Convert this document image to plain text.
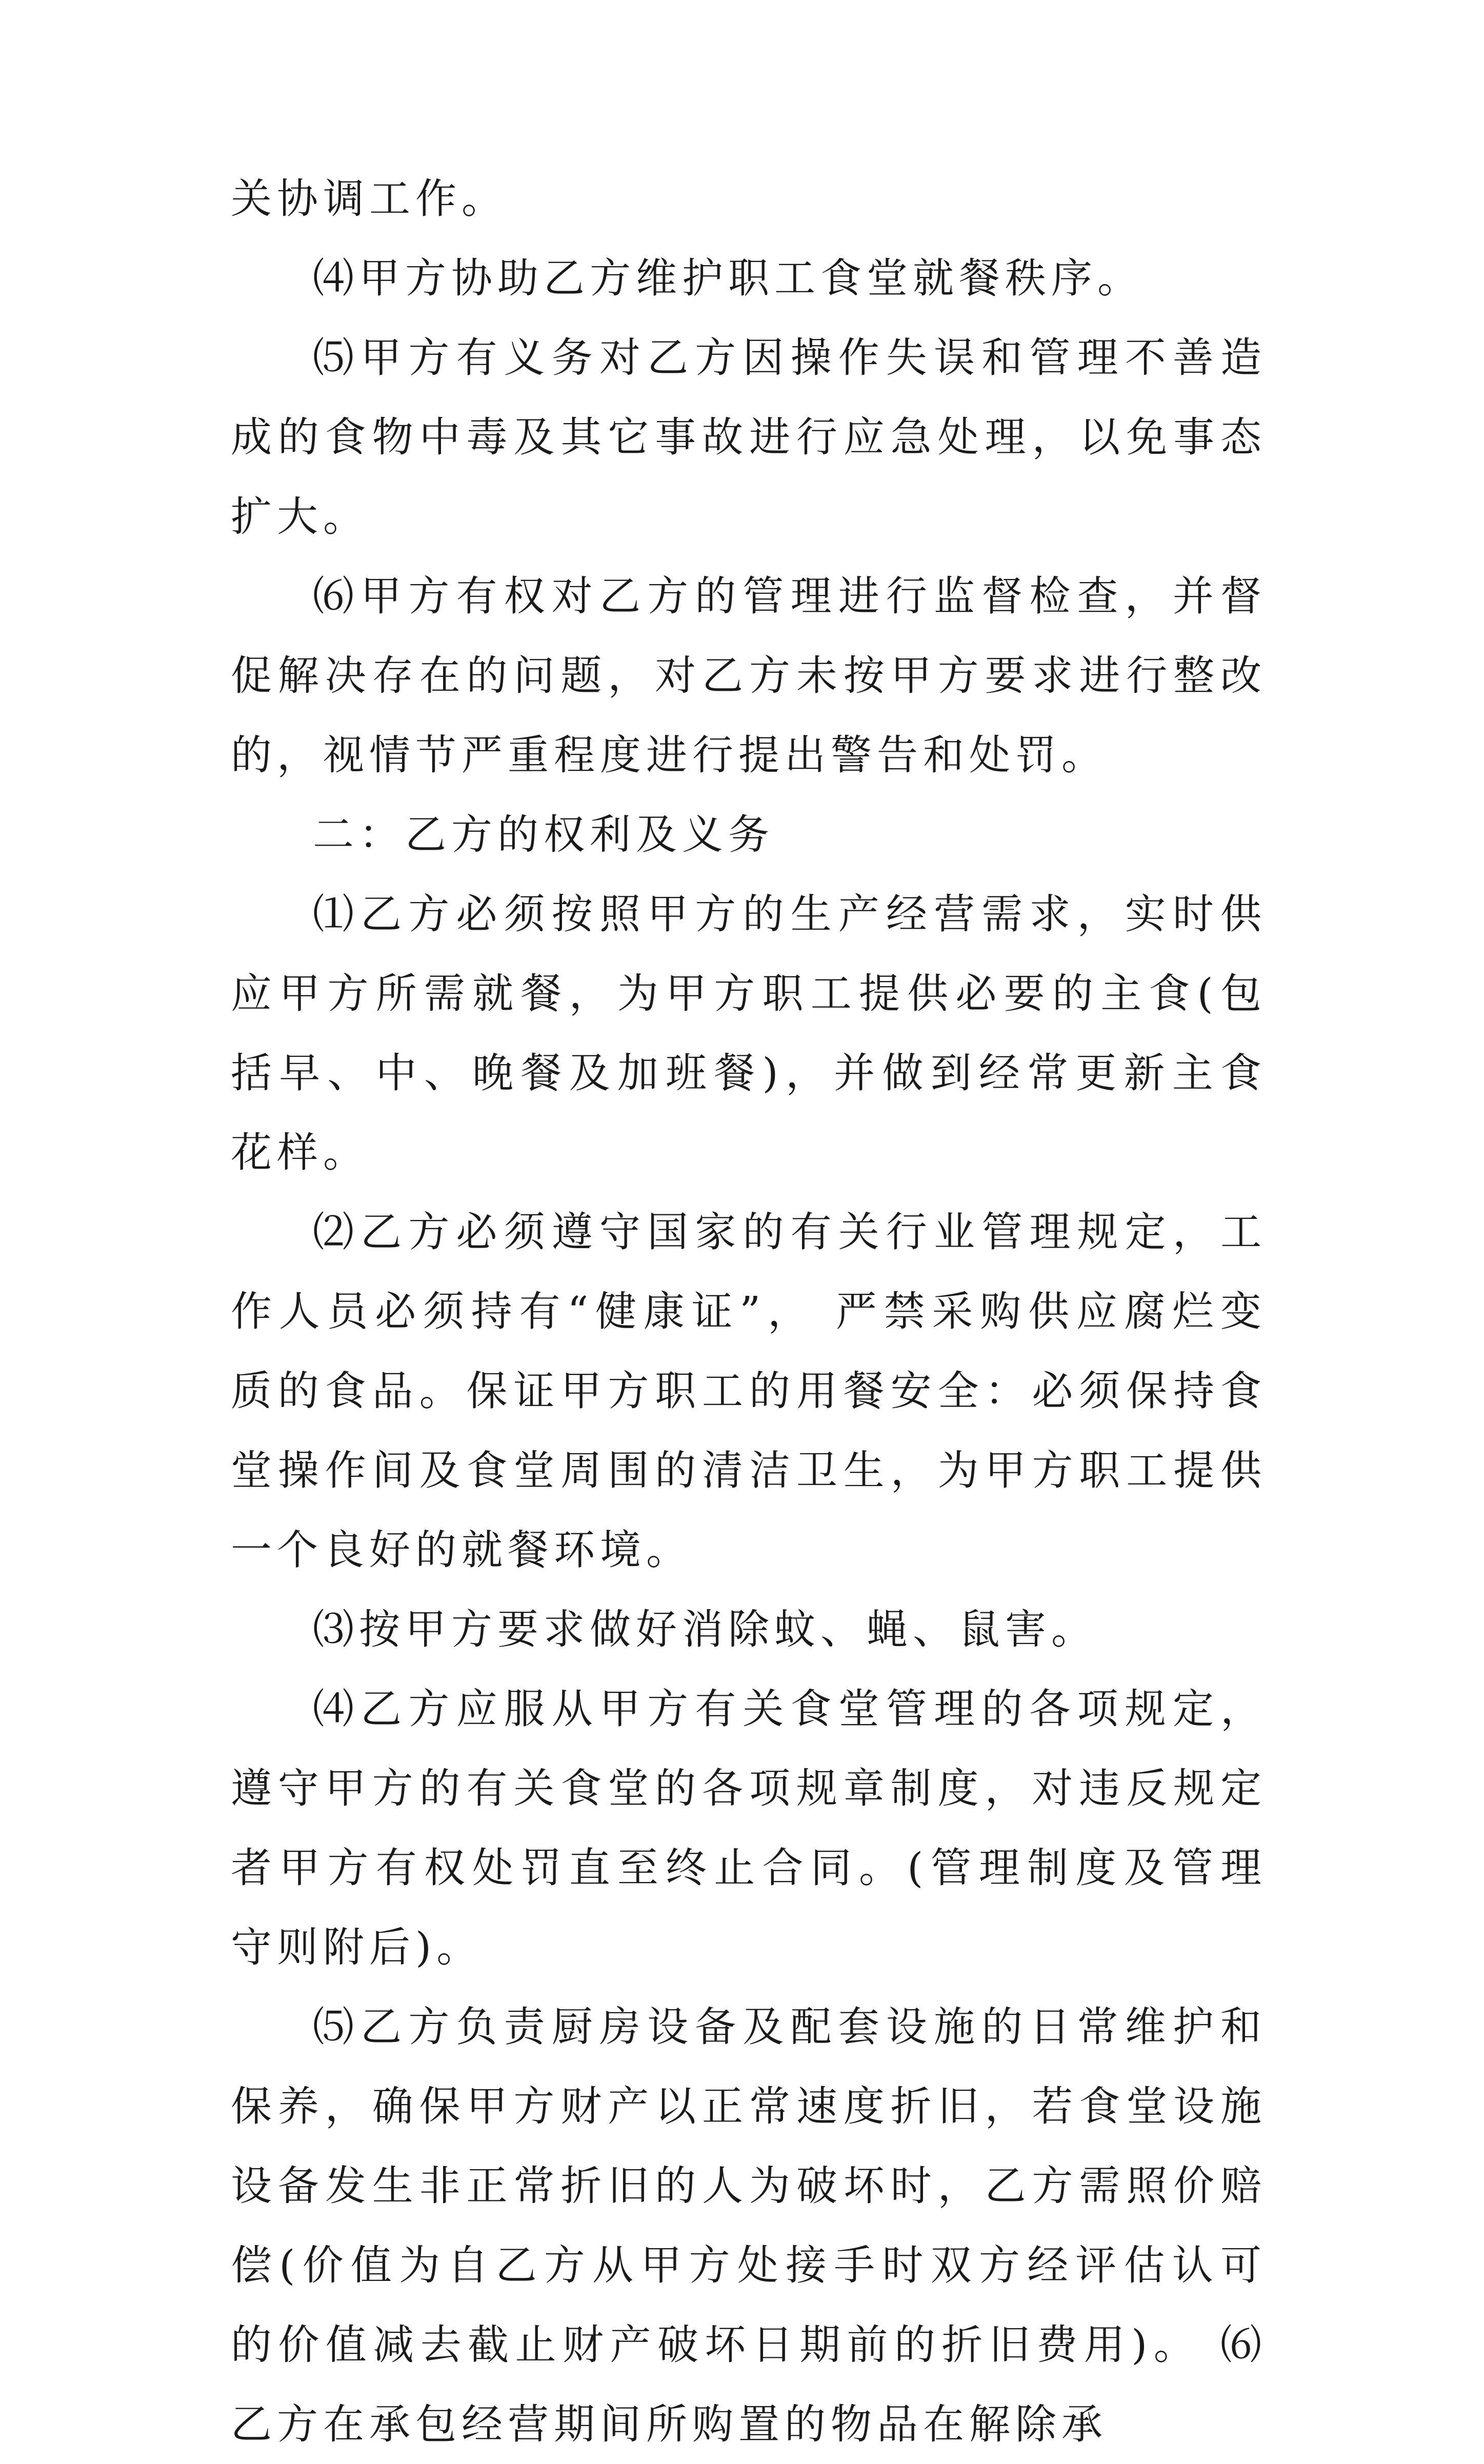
关协调工作。

⑷甲方协助乙方维护职工食堂就餐秩序。

⑸甲方有义务对乙方因操作失误和管理不善造成的食物中毒及其它事故进行应急处理，以免事态扩大。

⑹甲方有权对乙方的管理进行监督检查，并督促解决存在的问题，对乙方未按甲方要求进行整改的，视情节严重程度进行提出警告和处罚。

二：乙方的权利及义务

⑴乙方必须按照甲方的生产经营需求，实时供应甲方所需就餐，为甲方职工提供必要的主食(包括早、中、晚餐及加班餐)，并做到经常更新主食花样。

⑵乙方必须遵守国家的有关行业管理规定，工作人员必须持有“健康证”， 严禁采购供应腐烂变质的食品。保证甲方职工的用餐安全：必须保持食堂操作间及食堂周围的清洁卫生，为甲方职工提供一个良好的就餐环境。

⑶按甲方要求做好消除蚊、蝇、鼠害。

⑷乙方应服从甲方有关食堂管理的各项规定，遵守甲方的有关食堂的各项规章制度，对违反规定者甲方有权处罚直至终止合同。(管理制度及管理守则附后)。

⑸乙方负责厨房设备及配套设施的日常维护和保养，确保甲方财产以正常速度折旧，若食堂设施设备发生非正常折旧的人为破坏时，乙方需照价赔偿(价值为自乙方从甲方处接手时双方经评估认可的价值减去截止财产破坏日期前的折旧费用)。 ⑹乙方在承包经营期间所购置的物品在解除承
